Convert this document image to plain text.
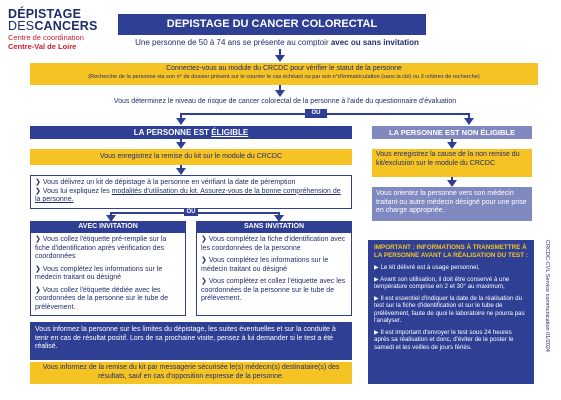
DÉPISTAGE
DESCANCERS
Centre de coordination
Centre-Val de Loire
DEPISTAGE DU CANCER COLORECTAL
Une personne de 50 à 74 ans se présente au comptoir avec ou sans invitation
Connectez-vous au module du CRCDC pour vérifier le statut de la personne
(Recherche de la personne via son n° de dossier présent sur le courrier le cas échéant ou par son n°d'immatriculation (sans la clé) ou 3 critères de recherche)
Vous déterminez le niveau de risque de cancer colorectal de la personne à l'aide du questionnaire d'évaluation
OU
LA PERSONNE EST ÉLIGIBLE	LA PERSONNE EST NON ÉLIGIBLE
Vous enregistrez la remise du kit sur le module du CRCDC	Vous enregistrez la cause de la non remise du kit/exclusion sur le module du CRCDC
❯ Vous délivrez un kit de dépistage à la personne en vérifiant la date de péremption
❯ Vous lui expliquez les modalités d'utilisation du kit. Assurez-vous de la bonne compréhension de la personne.
Vous orientez la personne vers son médecin traitant ou autre médecin désigné pour une prise en charge appropriée.
OU
AVEC INVITATION
❯ Vous collez l'étiquette pré-remplie sur la fiche d'identification après vérification des coordonnées
❯ Vous complétez les informations sur le médecin traitant ou désigné
❯ Vous collez l'étiquette dédiée avec les coordonnées de la personne sur le tube de prélèvement.
SANS INVITATION
❯ Vous complétez la fiche d'identification avec les coordonnées de la personne
❯ Vous complétez les informations sur le médecin traitant ou désigné
❯ Vous complétez et collez l'étiquette avec les coordonnées de la personne sur le tube de prélèvement.
Vous informez la personne sur les limites du dépistage, les suites éventuelles et sur la conduite à tenir en cas de résultat positif. Lors de sa prochaine visite, pensez à lui demander si le test a été réalisé.
Vous informez de la remise du kit par messagerie sécurisée le(s) médecin(s) destinataire(s) des résultats, sauf en cas d'opposition expresse de la personne.
IMPORTANT : INFORMATIONS À TRANSMETTRE À LA PERSONNE AVANT LA RÉALISATION DU TEST :
▶ Le kit délivré est à usage personnel,
▶ Avant son utilisation, il doit être conservé à une température comprise en 2 et 30° au maximum,
▶ Il est essentiel d'indiquer la date de la réalisation du test sur la fiche d'identification et sur le tube de prélèvement, faute de quoi le laboratoire ne pourra pas l'analyser.
▶ Il est important d'envoyer le test sous 24 heures après sa réalisation et donc, d'éviter de le poster le samedi et les veilles de jours fériés.	CRCDC-CVL Service communication 01/2024
